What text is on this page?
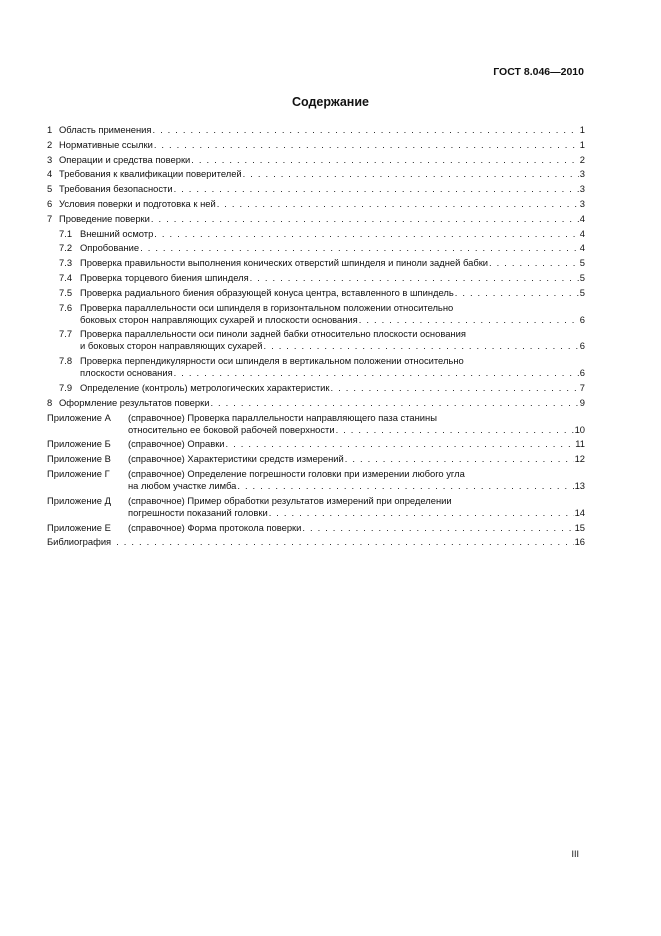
ГОСТ 8.046—2010
Содержание
1 Область применения . . .	1
2 Нормативные ссылки . . .	1
3 Операции и средства поверки . . .	2
4 Требования к квалификации поверителей . . .	3
5 Требования безопасности . . .	3
6 Условия поверки и подготовка к ней . . .	3
7 Проведение поверки . . .	4
7.1 Внешний осмотр . . .	4
7.2 Опробование . . .	4
7.3 Проверка правильности выполнения конических отверстий шпинделя и пиноли задней бабки . . .	5
7.4 Проверка торцевого биения шпинделя . . .	5
7.5 Проверка радиального биения образующей конуса центра, вставленного в шпиндель . . .	5
7.6 Проверка параллельности оси шпинделя в горизонтальном положении относительно
боковых сторон направляющих сухарей и плоскости основания . . .	6
7.7 Проверка параллельности оси пиноли задней бабки относительно плоскости основания
и боковых сторон направляющих сухарей . . .	6
7.8 Проверка перпендикулярности оси шпинделя в вертикальном положении относительно
плоскости основания . . .	6
7.9 Определение (контроль) метрологических характеристик . . .	7
8 Оформление результатов поверки . . .	9
Приложение А (справочное) Проверка параллельности направляющего паза станины
относительно ее боковой рабочей поверхности . . .	10
Приложение Б (справочное) Оправки . . .	11
Приложение В (справочное) Характеристики средств измерений . . .	12
Приложение Г (справочное) Определение погрешности головки при измерении любого угла
на любом участке лимба . . .	13
Приложение Д (справочное) Пример обработки результатов измерений при определении
погрешности показаний головки . . .	14
Приложение Е (справочное) Форма протокола поверки . . .	15
Библиография . . .	16
III
